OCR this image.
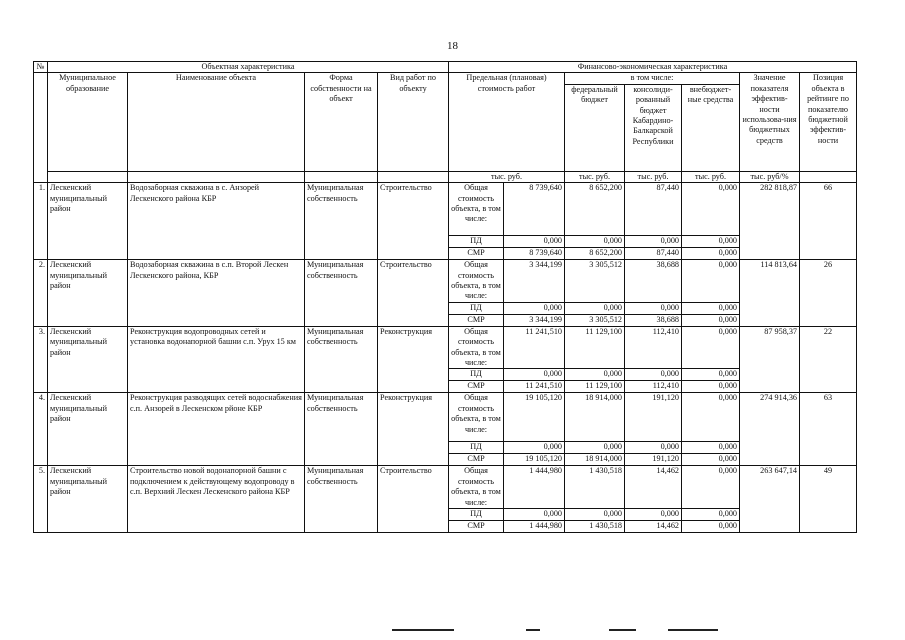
18
№	Объектная характеристика				Финансово-экономическая характеристика						
	Муниципальное образование	Наименование объекта	Форма собственности на объект	Вид работ по объекту	Предельная (плановая) стоимость работ		в том числе:			Значение показателя эффектив-ности использова-ния бюджетных средств	Позиция объекта в рейтинге по показателю бюджетной эффектив-ности
							федеральный бюджет	консолиди-рованный бюджет Кабардино-Балкарской Республики	внебюджет-ные средства		
					тыс. руб.		тыс. руб.	тыс. руб.	тыс. руб.	тыс. руб/%	
1.	Лескенский муниципальный район	Водозаборная скважина в с. Анзорей Лескенского района КБР	Муниципальная собственность	Строительство	Общая стоимость объекта, в том числе:	8 739,640	8 652,200	87,440	0,000	282 818,87	66
					ПД	0,000	0,000	0,000	0,000		
					СМР	8 739,640	8 652,200	87,440	0,000		
2.	Лескенский муниципальный район	Водозаборная скважина в с.п. Второй Лескен Лескенского района, КБР	Муниципальная собственность	Строительство	Общая стоимость объекта, в том числе:	3 344,199	3 305,512	38,688	0,000	114 813,64	26
					ПД	0,000	0,000	0,000	0,000		
					СМР	3 344,199	3 305,512	38,688	0,000		
3.	Лескенский муниципальный район	Реконструкция водопроводных сетей и установка водонапорной башни с.п. Урух 15 км	Муниципальная собственность	Реконструкция	Общая стоимость объекта, в том числе:	11 241,510	11 129,100	112,410	0,000	87 958,37	22
					ПД	0,000	0,000	0,000	0,000		
					СМР	11 241,510	11 129,100	112,410	0,000		
4.	Лескенский муниципальный район	Реконструкция разводящих сетей водоснабжения с.п. Анзорей в Лескенском рйоне КБР	Муниципальная собственность	Реконструкция	Общая стоимость объекта, в том числе:	19 105,120	18 914,000	191,120	0,000	274 914,36	63
					ПД	0,000	0,000	0,000	0,000		
					СМР	19 105,120	18 914,000	191,120	0,000		
5.	Лескенский муниципальный район	Строительство новой водонапорной башни с подключением к действующему водопроводу в с.п. Верхний Лескен Лескенского района КБР	Муниципальная собственность	Строительство	Общая стоимость объекта, в том числе:	1 444,980	1 430,518	14,462	0,000	263 647,14	49
					ПД	0,000	0,000	0,000	0,000		
					СМР	1 444,980	1 430,518	14,462	0,000		
